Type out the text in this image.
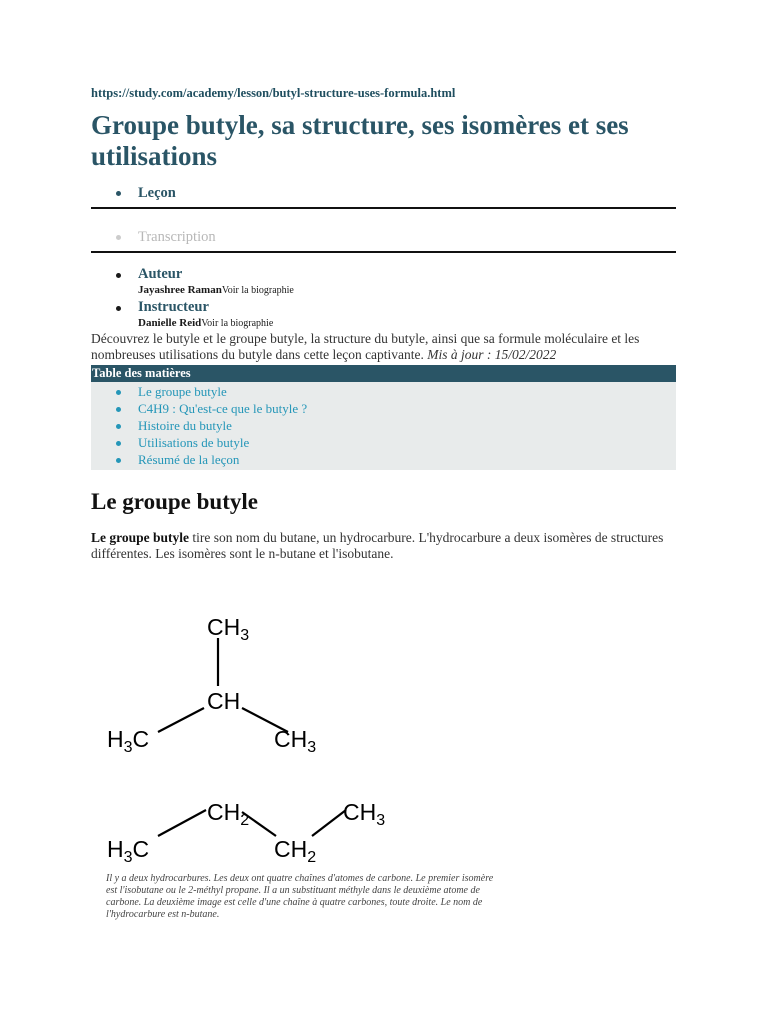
https://study.com/academy/lesson/butyl-structure-uses-formula.html
Groupe butyle, sa structure, ses isomères et ses utilisations
Leçon
Transcription
Auteur
Jayashree RamanVoir la biographie
Instructeur
Danielle ReidVoir la biographie

Découvrez le butyle et le groupe butyle, la structure du butyle, ainsi que sa formule moléculaire et les nombreuses utilisations du butyle dans cette leçon captivante. Mis à jour : 15/02/2022

Table des matières
Le groupe butyle
C4H9 : Qu'est-ce que le butyle ?
Histoire du butyle
Utilisations de butyle
Résumé de la leçon
Le groupe butyle

Le groupe butyle tire son nom du butane, un hydrocarbure. L'hydrocarbure a deux isomères de structures différentes. Les isomères sont le n-butane et l'isobutane.

$CH_3$
CH
$H_3C$	$CH_3$
$CH_2$	$CH_3$
$H_3C$	$CH_2$
Il y a deux hydrocarbures. Les deux ont quatre chaînes d'atomes de carbone. Le premier isomère est l'isobutane ou le 2-méthyl propane. Il a un substituant méthyle dans le deuxième atome de carbone. La deuxième image est celle d'une chaîne à quatre carbones, toute droite. Le nom de l'hydrocarbure est n-butane.
